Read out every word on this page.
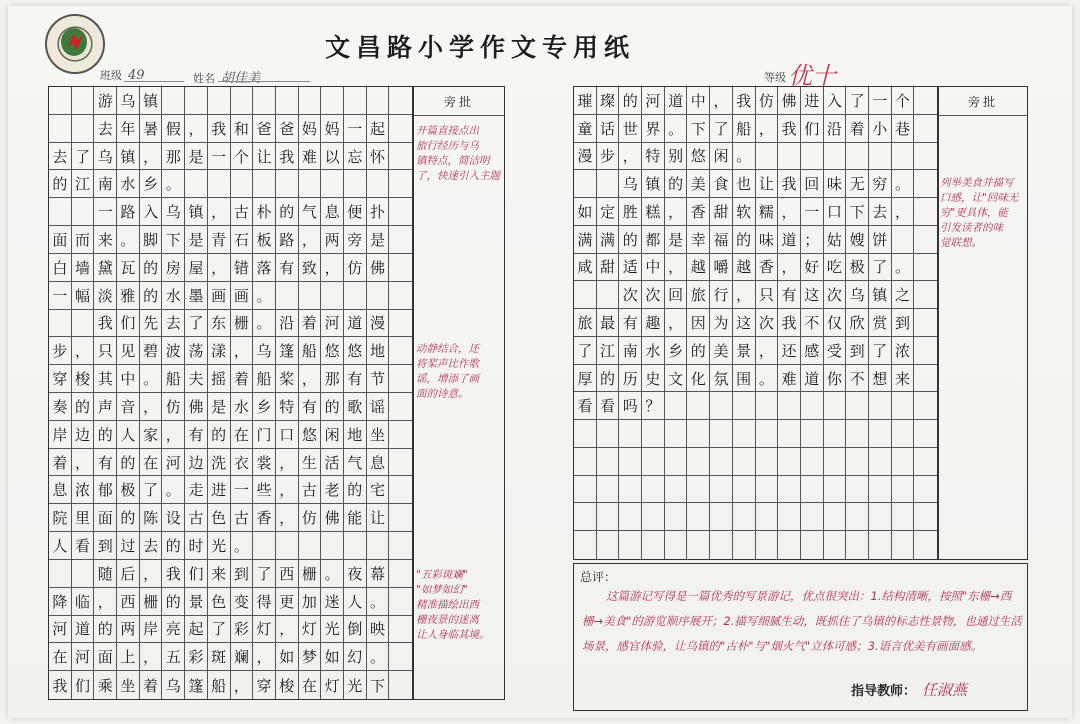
文昌路小学作文专用纸
班级 49	姓名 胡佳美	等级 优十
游 乌 镇
去 年 暑 假 ， 我 和 爸 爸 妈 妈 一 起
去 了 乌 镇 ， 那 是 一 个 让 我 难 以 忘 怀
的 江 南 水 乡 。
一 路 入 乌 镇 ， 古 朴 的 气 息 便 扑
面 而 来 。 脚 下 是 青 石 板 路 ， 两 旁 是
白 墙 黛 瓦 的 房 屋 ， 错 落 有 致 ， 仿 佛
一 幅 淡 雅 的 水 墨 画 画 。
我 们 先 去 了 东 栅 。 沿 着 河 道 漫
步 ， 只 见 碧 波 荡 漾 ， 乌 篷 船 悠 悠 地
穿 梭 其 中 。 船 夫 摇 着 船 桨 ， 那 有 节
奏 的 声 音 ， 仿 佛 是 水 乡 特 有 的 歌 谣
岸 边 的 人 家 ， 有 的 在 门 口 悠 闲 地 坐
着 ， 有 的 在 河 边 洗 衣 裳 ， 生 活 气 息
息 浓 郁 极 了 。 走 进 一 些 ， 古 老 的 宅
院 里 面 的 陈 设 古 色 古 香 ， 仿 佛 能 让
人 看 到 过 去 的 时 光 。
随 后 ， 我 们 来 到 了 西 栅 。 夜 幕
降 临 ， 西 栅 的 景 色 变 得 更 加 迷 人 。
河 道 的 两 岸 亮 起 了 彩 灯 ， 灯 光 倒 映
在 河 面 上 ， 五 彩 斑 斓 ， 如 梦 如 幻 。
我 们 乘 坐 着 乌 篷 船 ， 穿 梭 在 灯 光 下
旁批
开篇直接点出
旅行经历与乌
镇特点，简洁明
了，快速引入主题
动静结合，还
将桨声比作歌
谣，增添了画
面的诗意。
"五彩斑斓"
"如梦如幻"
精准描绘出西
栅夜景的迷离
让人身临其境。
璀 璨 的 河 道 中 ， 我 仿 佛 进 入 了 一 个
童 话 世 界 。 下 了 船 ， 我 们 沿 着 小 巷
漫 步 ， 特 别 悠 闲 。
乌 镇 的 美 食 也 让 我 回 味 无 穷 。
如 定 胜 糕 ， 香 甜 软 糯 ， 一 口 下 去 ，
满 满 的 都 是 幸 福 的 味 道 ； 姑 嫂 饼
咸 甜 适 中 ， 越 嚼 越 香 ， 好 吃 极 了 。
次 次 回 旅 行 ， 只 有 这 次 乌 镇 之
旅 最 有 趣 ， 因 为 这 次 我 不 仅 欣 赏 到
了 江 南 水 乡 的 美 景 ， 还 感 受 到 了 浓
厚 的 历 史 文 化 氛 围 。 难 道 你 不 想 来
看 看 吗 ？
旁批
列举美食并描写
口感，让"回味无
穷"更具体，能
引发读者的味
觉联想。
总评：
这篇游记写得是一篇优秀的写景游记，优点很突出：1.结构清晰，按照"东栅→西栅→美食"的游览顺序展开；2.描写细腻生动，既抓住了乌镇的标志性景物，也通过生活场景，感官体验，让乌镇的"古朴"与"烟火气"立体可感；3.语言优美有画面感。
指导教师： 任淑燕
